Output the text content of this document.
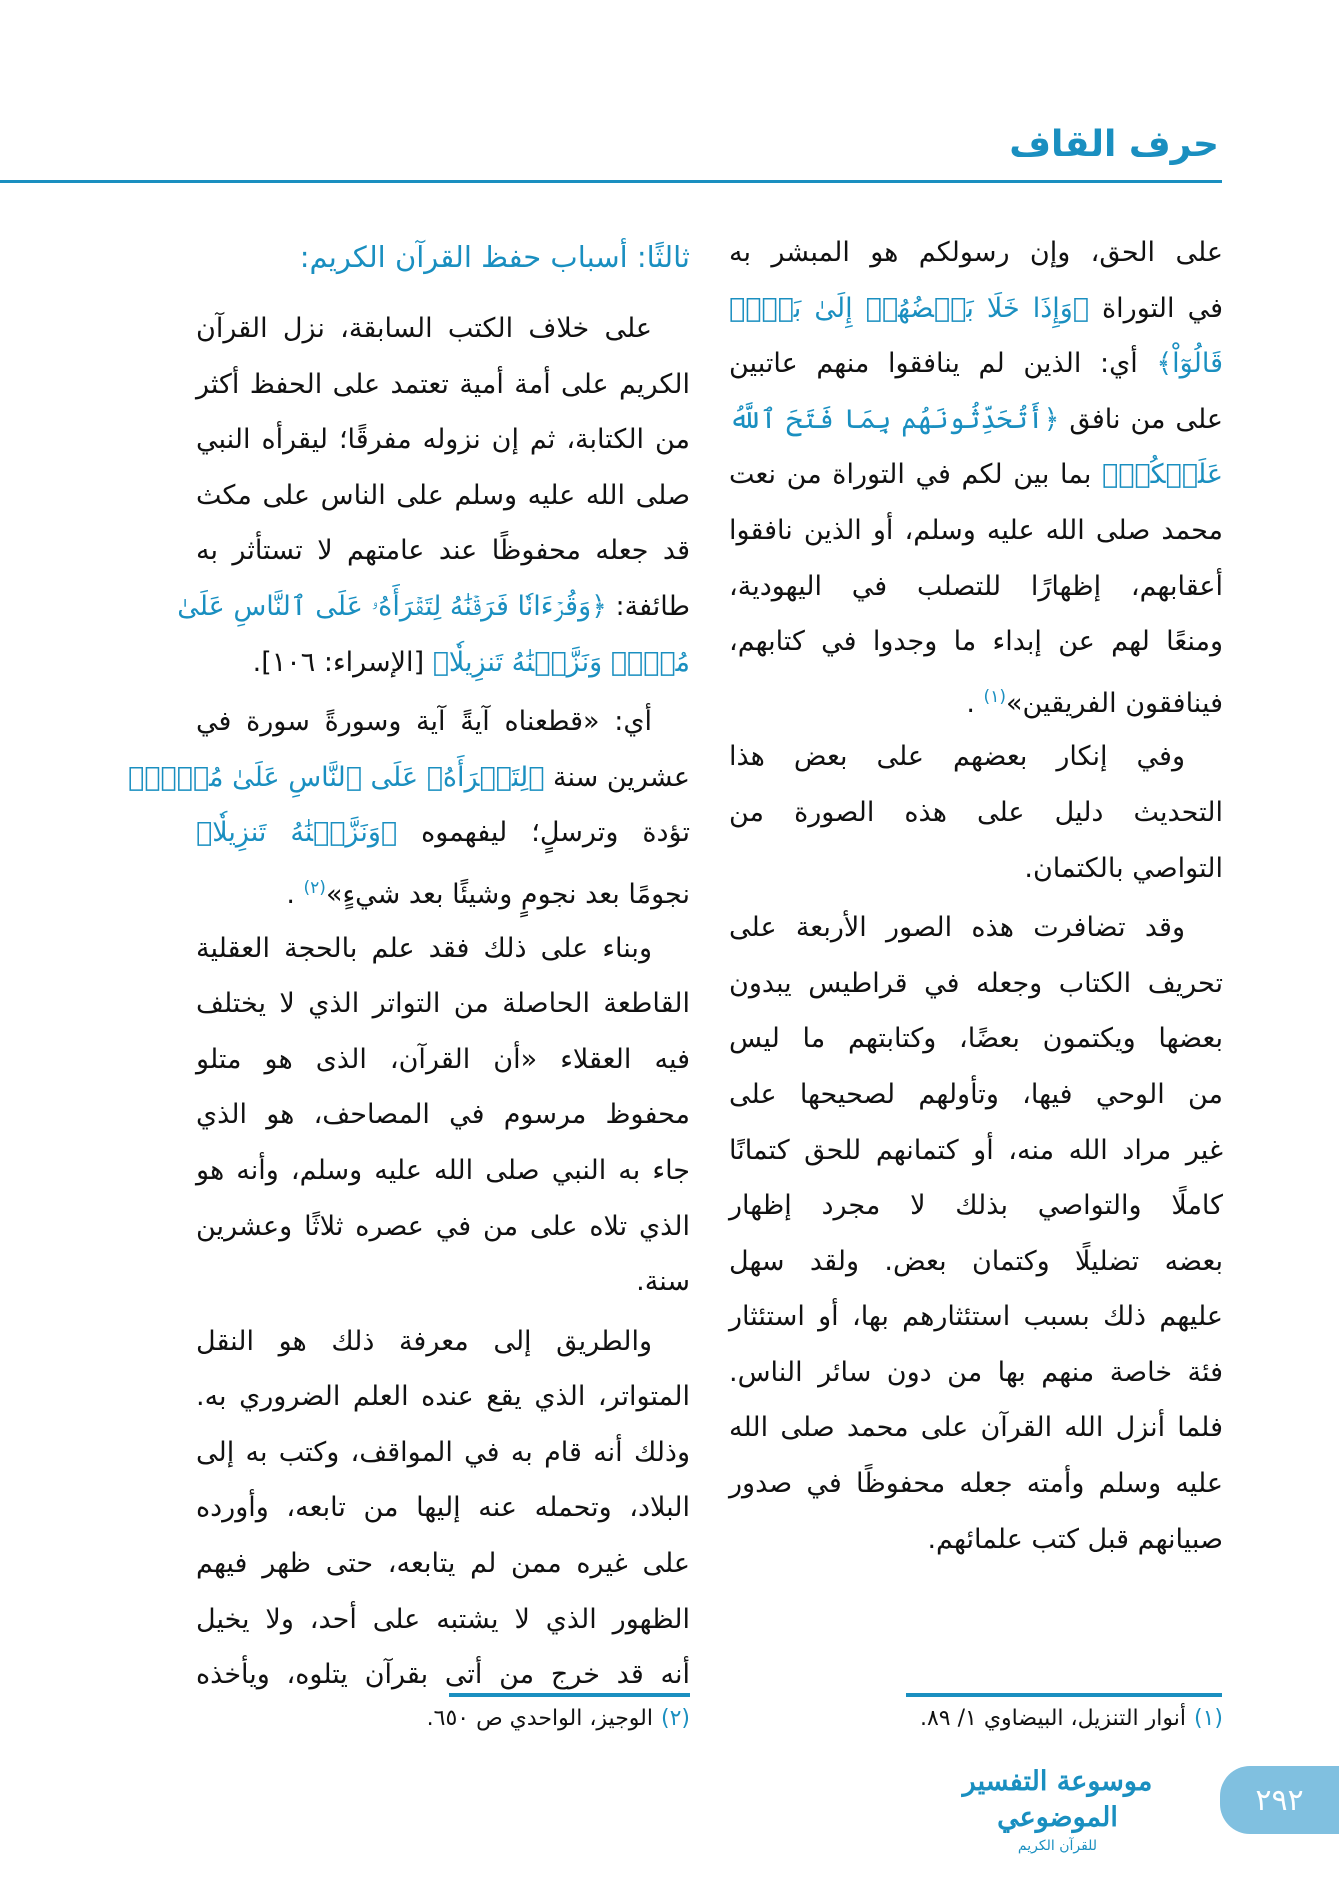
حرف القاف
على الحق، وإن رسولكم هو المبشر به
في التوراة ﴿وَإِذَا خَلَا بَعۡضُهُمۡ إِلَىٰ بَعۡضٖ
قَالُوٓاْ﴾ أي: الذين لم ينافقوا منهم عاتبين
على من نافق ﴿أَتُحَدِّثُونَهُم بِمَا فَتَحَ ٱللَّهُ
عَلَيۡكُمۡ﴾ بما بين لكم في التوراة من نعت
محمد صلى الله عليه وسلم، أو الذين نافقوا
أعقابهم، إظهارًا للتصلب في اليهودية،
ومنعًا لهم عن إبداء ما وجدوا في كتابهم،
فينافقون الفريقين»$^{(١)}$ .
وفي إنكار بعضهم على بعض هذا
التحديث دليل على هذه الصورة من
التواصي بالكتمان.
وقد تضافرت هذه الصور الأربعة على
تحريف الكتاب وجعله في قراطيس يبدون
بعضها ويكتمون بعضًا، وكتابتهم ما ليس
من الوحي فيها، وتأولهم لصحيحها على
غير مراد الله منه، أو كتمانهم للحق كتمانًا
كاملًا والتواصي بذلك لا مجرد إظهار
بعضه تضليلًا وكتمان بعض. ولقد سهل
عليهم ذلك بسبب استئثارهم بها، أو استئثار
فئة خاصة منهم بها من دون سائر الناس.
فلما أنزل الله القرآن على محمد صلى الله
عليه وسلم وأمته جعله محفوظًا في صدور
صبيانهم قبل كتب علمائهم.
ثالثًا: أسباب حفظ القرآن الكريم:
على خلاف الكتب السابقة، نزل القرآن
الكريم على أمة أمية تعتمد على الحفظ أكثر
من الكتابة، ثم إن نزوله مفرقًا؛ ليقرأه النبي
صلى الله عليه وسلم على الناس على مكث
قد جعله محفوظًا عند عامتهم لا تستأثر به
طائفة: ﴿وَقُرۡءَانٗا فَرَقۡنَٰهُ لِتَقۡرَأَهُۥ عَلَى ٱلنَّاسِ عَلَىٰ
مُكۡثٖ وَنَزَّلۡنَٰهُ تَنزِيلٗا﴾ [الإسراء: ١٠٦].
أي: «قطعناه آيةً آية وسورةً سورة في
عشرين سنة ﴿لِتَقۡرَأَهُۥ عَلَى ٱلنَّاسِ عَلَىٰ مُكۡثٖ﴾
تؤدة وترسلٍ؛ ليفهموه ﴿وَنَزَّلۡنَٰهُ تَنزِيلٗا﴾
نجومًا بعد نجومٍ وشيئًا بعد شيءٍ»$^{(٢)}$ .
وبناء على ذلك فقد علم بالحجة العقلية
القاطعة الحاصلة من التواتر الذي لا يختلف
فيه العقلاء «أن القرآن، الذى هو متلو
محفوظ مرسوم في المصاحف، هو الذي
جاء به النبي صلى الله عليه وسلم، وأنه هو
الذي تلاه على من في عصره ثلاثًا وعشرين
سنة.
والطريق إلى معرفة ذلك هو النقل
المتواتر، الذي يقع عنده العلم الضروري به.
وذلك أنه قام به في المواقف، وكتب به إلى
البلاد، وتحمله عنه إليها من تابعه، وأورده
على غيره ممن لم يتابعه، حتى ظهر فيهم
الظهور الذي لا يشتبه على أحد، ولا يخيل
أنه قد خرج من أتى بقرآن يتلوه، ويأخذه
(١)أنوار التنزيل، البيضاوي ١/ ٨٩.
(٢)الوجيز، الواحدي ص ٦٥٠.
موسوعة التفسير الموضوعي
للقرآن الكريم
٢٩٢
